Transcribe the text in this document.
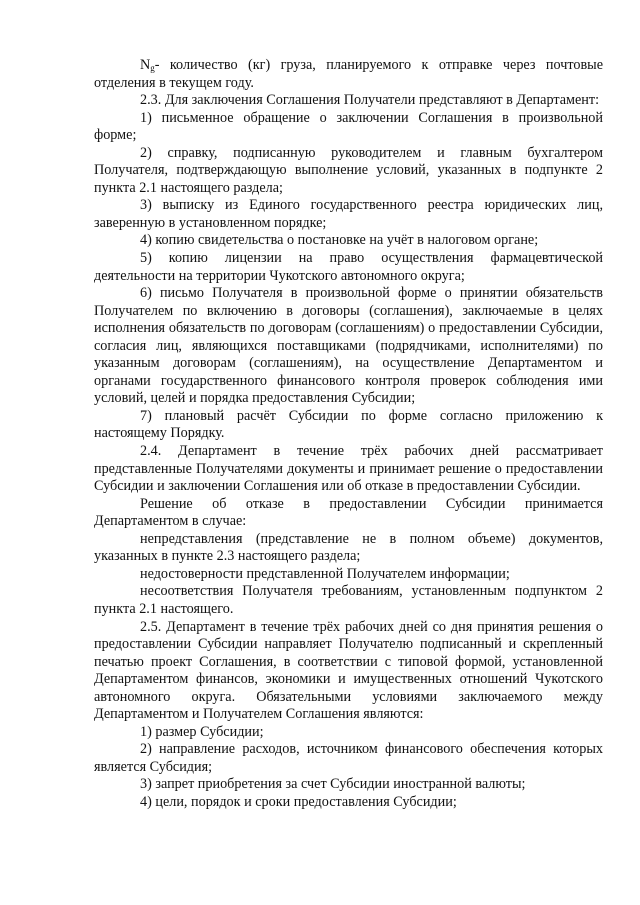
$N_g-$ количество (кг) груза, планируемого к отправке через почтовые отделения в текущем году.

2.3. Для заключения Соглашения Получатели представляют в Департамент:

1) письменное обращение о заключении Соглашения в произвольной форме;

2) справку, подписанную руководителем и главным бухгалтером Получателя, подтверждающую выполнение условий, указанных в подпункте 2 пункта 2.1 настоящего раздела;

3) выписку из Единого государственного реестра юридических лиц, заверенную в установленном порядке;

4) копию свидетельства о постановке на учёт в налоговом органе;

5) копию лицензии на право осуществления фармацевтической деятельности на территории Чукотского автономного округа;

6) письмо Получателя в произвольной форме о принятии обязательств Получателем по включению в договоры (соглашения), заключаемые в целях исполнения обязательств по договорам (соглашениям) о предоставлении Субсидии, согласия лиц, являющихся поставщиками (подрядчиками, исполнителями) по указанным договорам (соглашениям), на осуществление Департаментом и органами государственного финансового контроля проверок соблюдения ими условий, целей и порядка предоставления Субсидии;

7) плановый расчёт Субсидии по форме согласно приложению к настоящему Порядку.

2.4. Департамент в течение трёх рабочих дней рассматривает представленные Получателями документы и принимает решение о предоставлении Субсидии и заключении Соглашения или об отказе в предоставлении Субсидии.

Решение об отказе в предоставлении Субсидии принимается Департаментом в случае:

непредставления (представление не в полном объеме) документов, указанных в пункте 2.3 настоящего раздела;

недостоверности представленной Получателем информации;

несоответствия Получателя требованиям, установленным подпунктом 2 пункта 2.1 настоящего.

2.5. Департамент в течение трёх рабочих дней со дня принятия решения о предоставлении Субсидии направляет Получателю подписанный и скрепленный печатью проект Соглашения, в соответствии с типовой формой, установленной Департаментом финансов, экономики и имущественных отношений Чукотского автономного округа. Обязательными условиями заключаемого между Департаментом и Получателем Соглашения являются:

1) размер Субсидии;

2) направление расходов, источником финансового обеспечения которых является Субсидия;

3) запрет приобретения за счет Субсидии иностранной валюты;

4) цели, порядок и сроки предоставления Субсидии;
